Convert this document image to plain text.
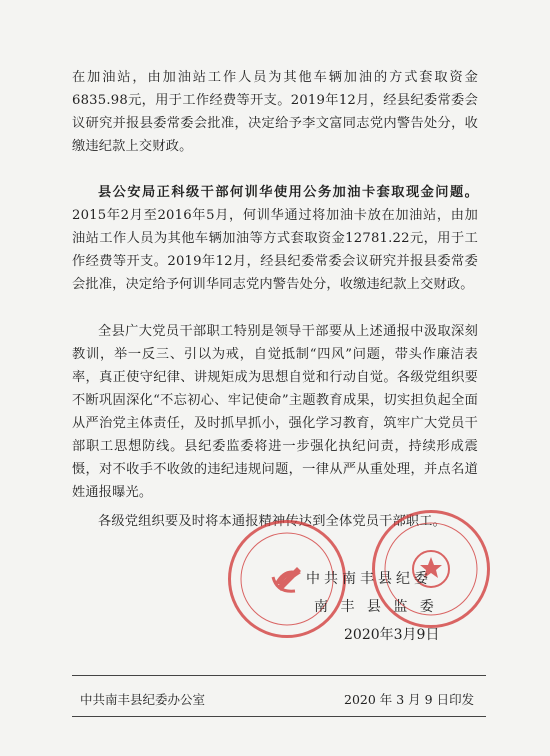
在加油站，由加油站工作人员为其他车辆加油的方式套取资金6835.98元，用于工作经费等开支。2019年12月，经县纪委常委会议研究并报县委常委会批准，决定给予李文富同志党内警告处分，收缴违纪款上交财政。

县公安局正科级干部何训华使用公务加油卡套取现金问题。2015年2月至2016年5月，何训华通过将加油卡放在加油站，由加油站工作人员为其他车辆加油等方式套取资金12781.22元，用于工作经费等开支。2019年12月，经县纪委常委会议研究并报县委常委会批准，决定给予何训华同志党内警告处分，收缴违纪款上交财政。

全县广大党员干部职工特别是领导干部要从上述通报中汲取深刻教训，举一反三、引以为戒，自觉抵制“四风”问题，带头作廉洁表率，真正使守纪律、讲规矩成为思想自觉和行动自觉。各级党组织要不断巩固深化“不忘初心、牢记使命”主题教育成果，切实担负起全面从严治党主体责任，及时抓早抓小，强化学习教育，筑牢广大党员干部职工思想防线。县纪委监委将进一步强化执纪问责，持续形成震慑，对不收手不收敛的违纪违规问题，一律从严从重处理，并点名道姓通报曝光。

各级党组织要及时将本通报精神传达到全体党员干部职工。

中共南丰县纪委
南 丰 县 监 委
2020年3月9日
中共南丰县纪委办公室	2020 年 3 月 9 日印发
